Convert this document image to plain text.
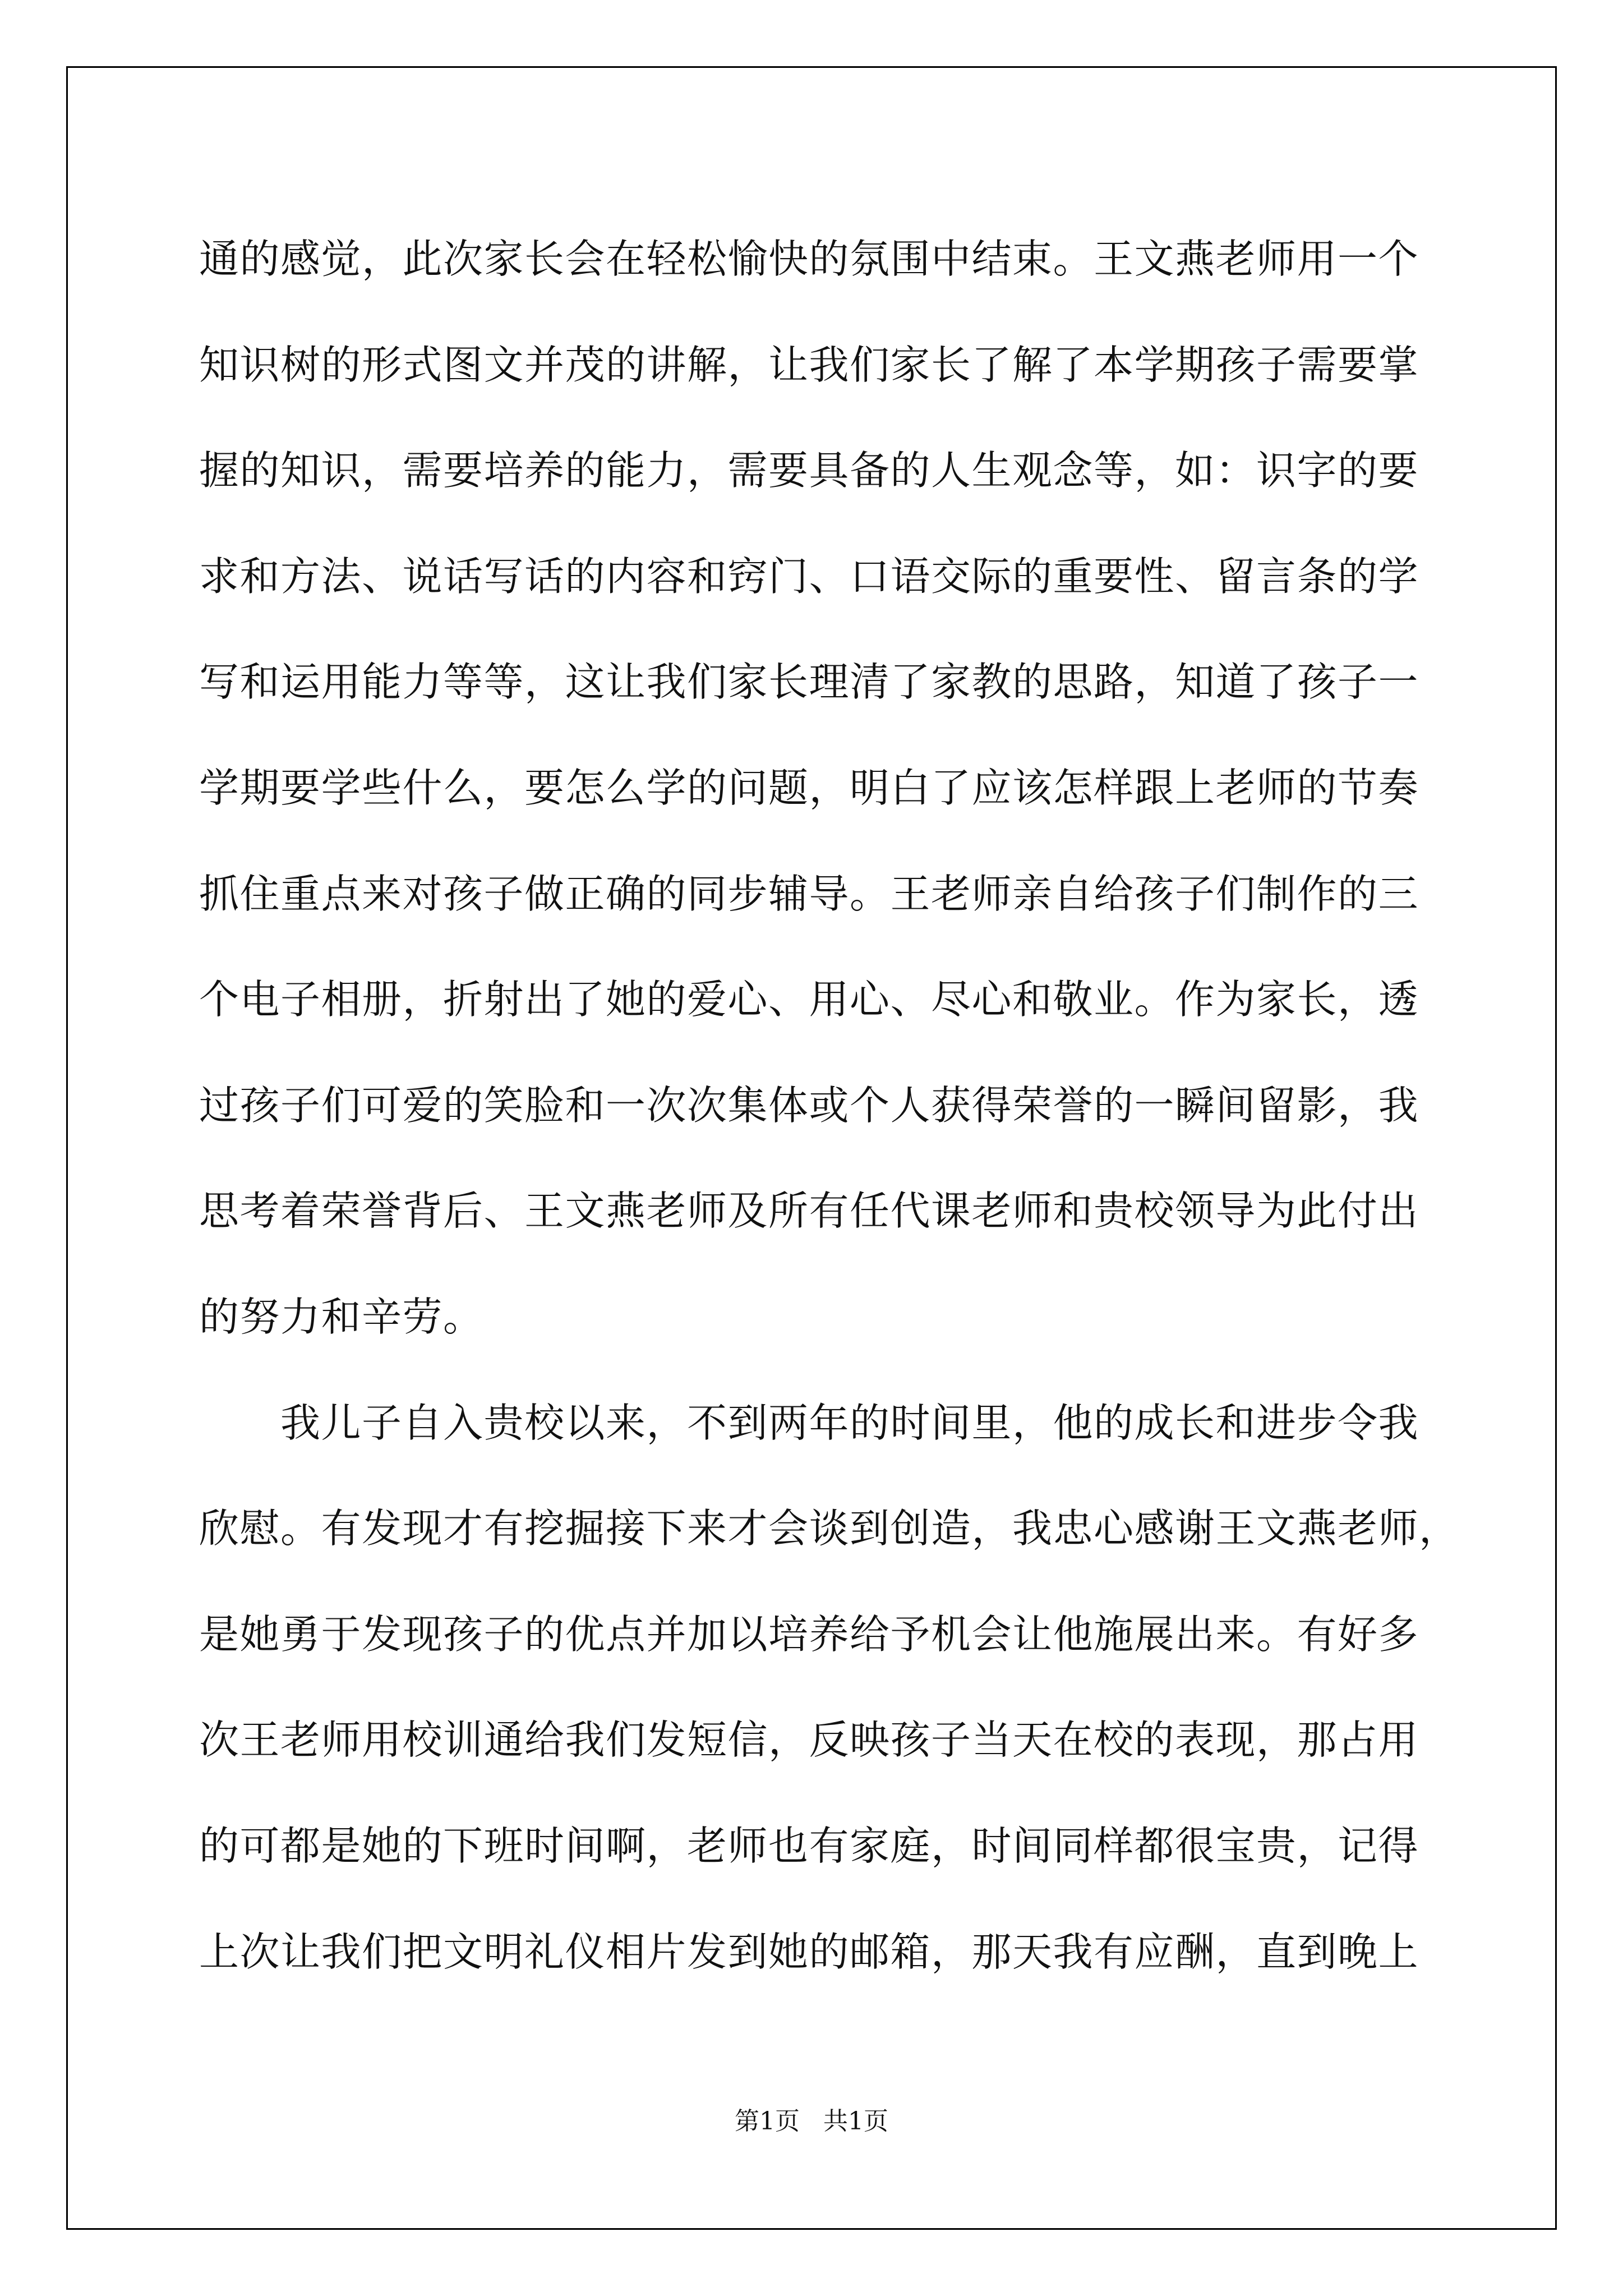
通的感觉，此次家长会在轻松愉快的氛围中结束。王文燕老师用一个
知识树的形式图文并茂的讲解，让我们家长了解了本学期孩子需要掌
握的知识，需要培养的能力，需要具备的人生观念等，如：识字的要
求和方法、说话写话的内容和窍门、口语交际的重要性、留言条的学
写和运用能力等等，这让我们家长理清了家教的思路，知道了孩子一
学期要学些什么，要怎么学的问题，明白了应该怎样跟上老师的节奏
抓住重点来对孩子做正确的同步辅导。王老师亲自给孩子们制作的三
个电子相册，折射出了她的爱心、用心、尽心和敬业。作为家长，透
过孩子们可爱的笑脸和一次次集体或个人获得荣誉的一瞬间留影，我
思考着荣誉背后、王文燕老师及所有任代课老师和贵校领导为此付出
的努力和辛劳。
　　我儿子自入贵校以来，不到两年的时间里，他的成长和进步令我
欣慰。有发现才有挖掘接下来才会谈到创造，我忠心感谢王文燕老师，
是她勇于发现孩子的优点并加以培养给予机会让他施展出来。有好多
次王老师用校训通给我们发短信，反映孩子当天在校的表现，那占用
的可都是她的下班时间啊，老师也有家庭，时间同样都很宝贵，记得
上次让我们把文明礼仪相片发到她的邮箱，那天我有应酬，直到晚上
第1页   共1页
